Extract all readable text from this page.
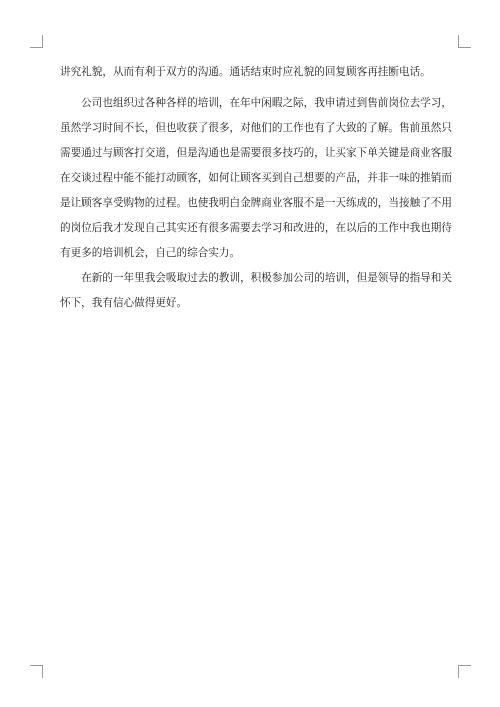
讲究礼貌，从而有利于双方的沟通。通话结束时应礼貌的回复顾客再挂断电话。
　　公司也组织过各种各样的培训，在年中闲暇之际，我申请过到售前岗位去学习，
虽然学习时间不长，但也收获了很多，对他们的工作也有了大致的了解。售前虽然只
需要通过与顾客打交道，但是沟通也是需要很多技巧的，让买家下单关键是商业客服
在交谈过程中能不能打动顾客，如何让顾客买到自己想要的产品，并非一味的推销而
是让顾客享受购物的过程。也使我明白金牌商业客服不是一天练成的，当接触了不用
的岗位后我才发现自己其实还有很多需要去学习和改进的，在以后的工作中我也期待
有更多的培训机会，自己的综合实力。
　　在新的一年里我会吸取过去的教训，积极参加公司的培训，但是领导的指导和关
怀下，我有信心做得更好。
